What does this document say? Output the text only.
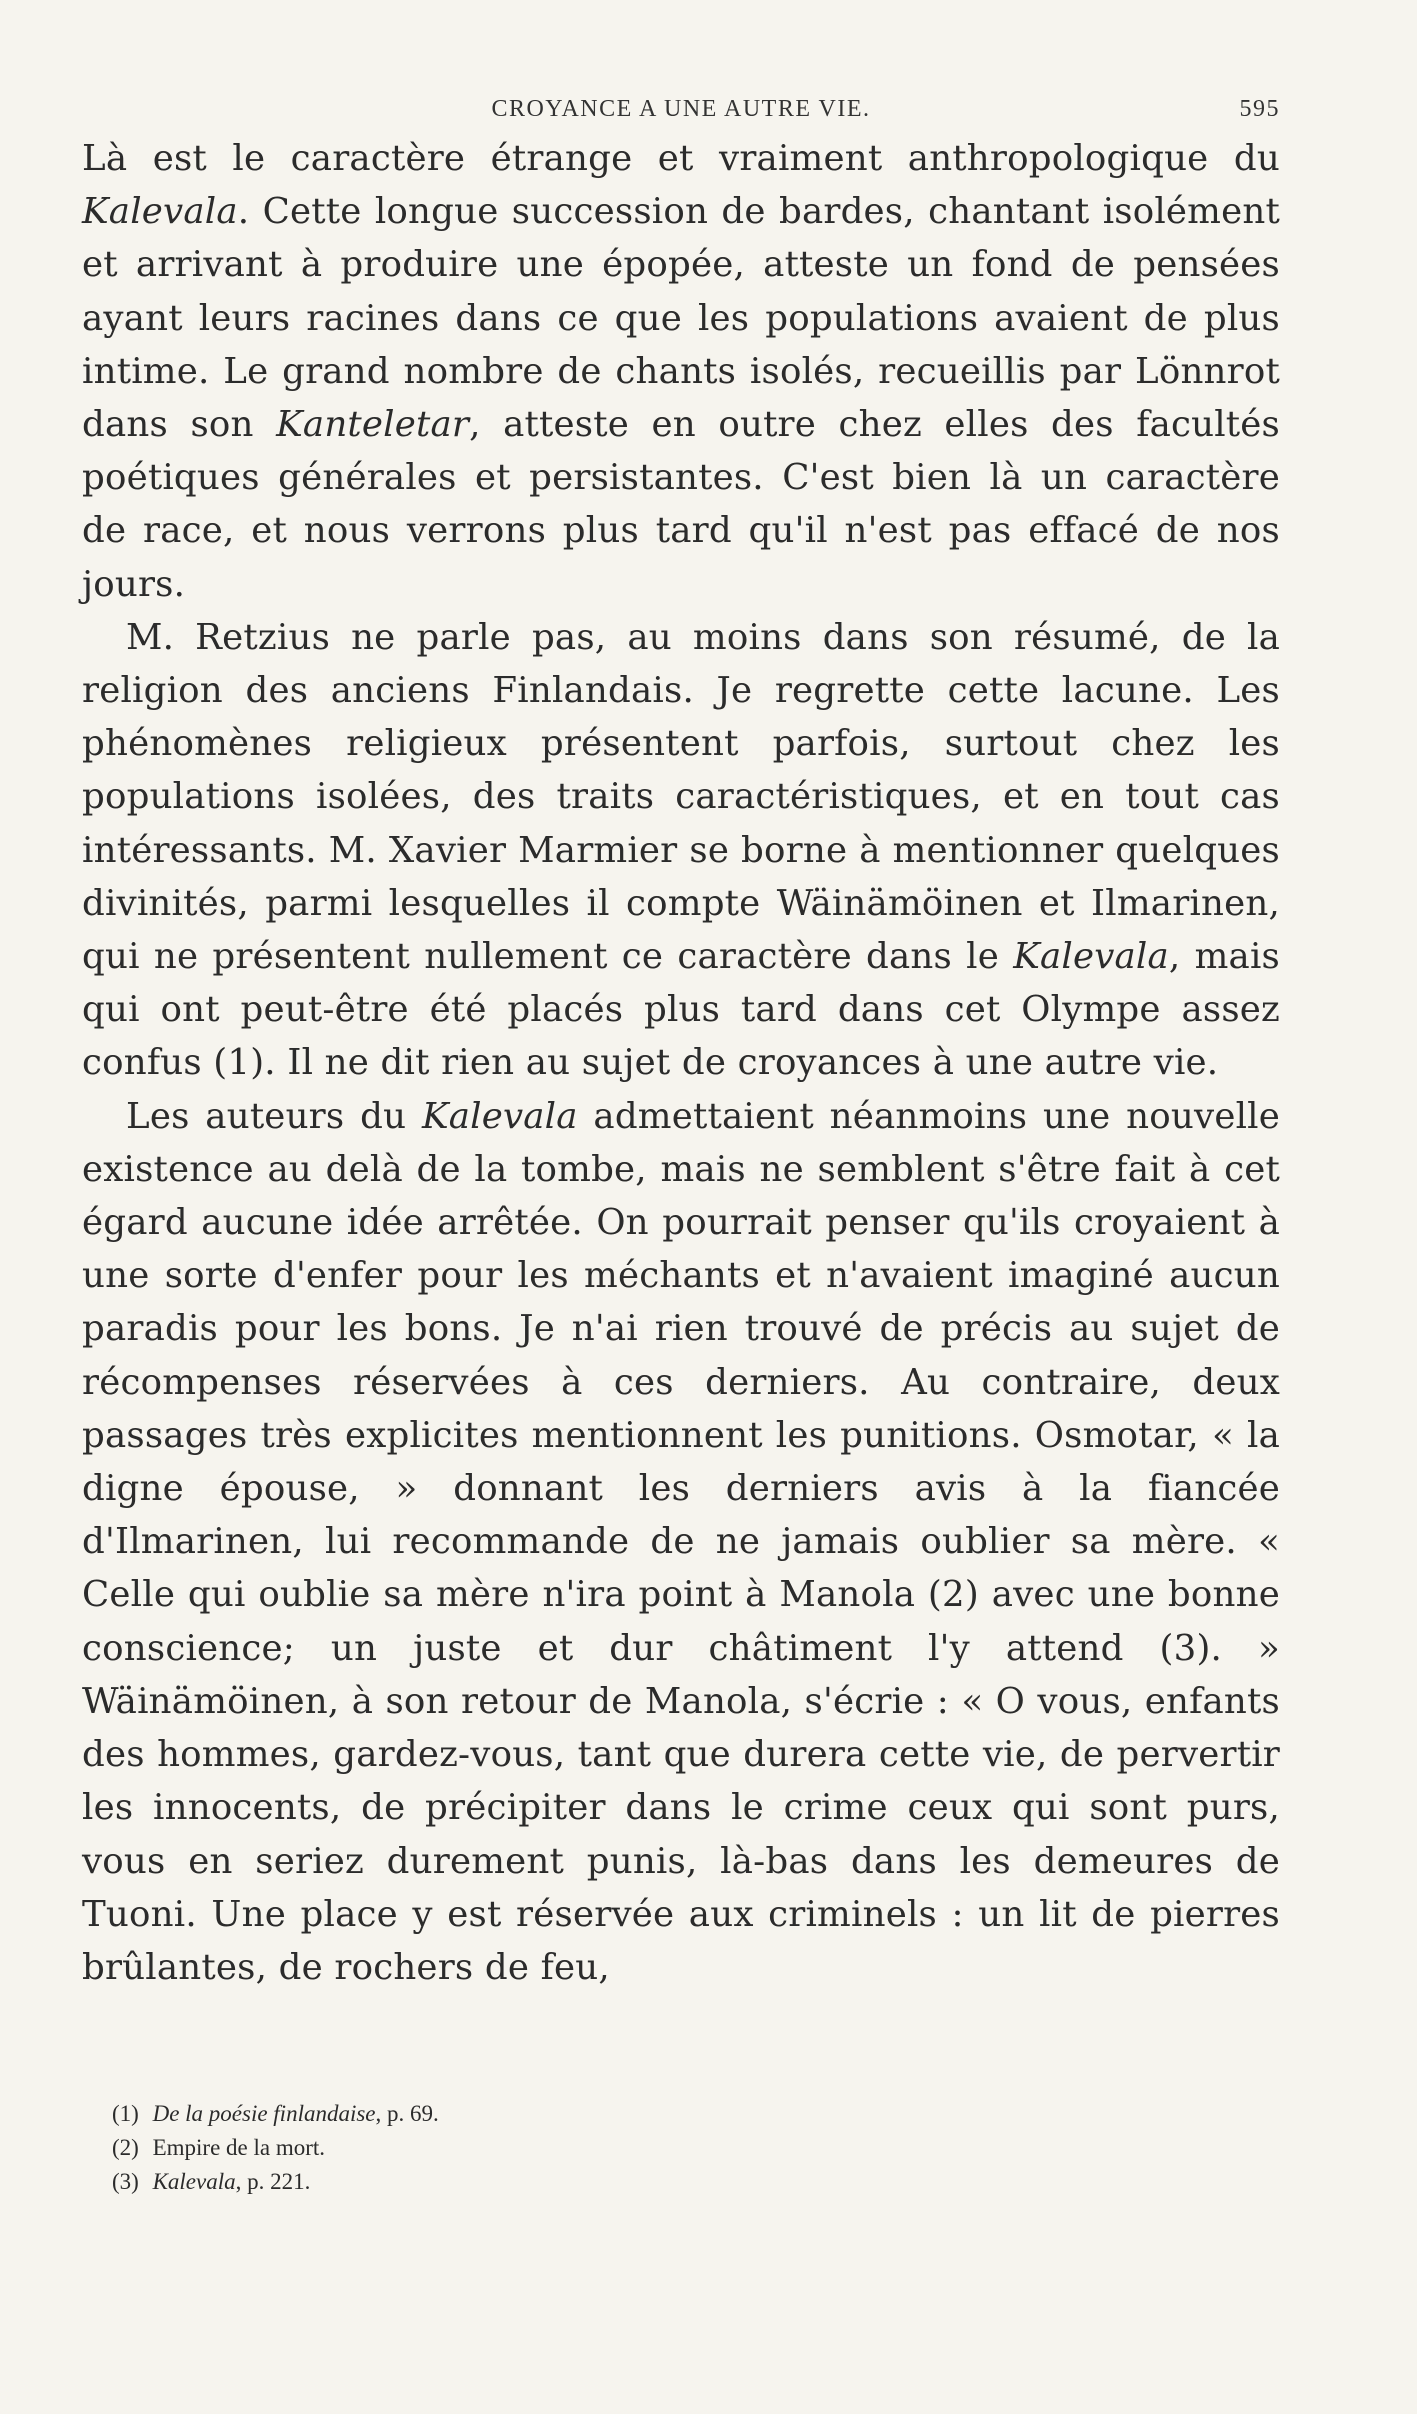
CROYANCE A UNE AUTRE VIE.	595

Là est le caractère étrange et vraiment anthropologique du Kalevala. Cette longue succession de bardes, chantant isolément et arrivant à produire une épopée, atteste un fond de pensées ayant leurs racines dans ce que les populations avaient de plus intime. Le grand nombre de chants isolés, recueillis par Lönnrot dans son Kanteletar, atteste en outre chez elles des facultés poétiques générales et persistantes. C'est bien là un caractère de race, et nous verrons plus tard qu'il n'est pas effacé de nos jours.

M. Retzius ne parle pas, au moins dans son résumé, de la religion des anciens Finlandais. Je regrette cette lacune. Les phénomènes religieux présentent parfois, surtout chez les populations isolées, des traits caractéristiques, et en tout cas intéressants. M. Xavier Marmier se borne à mentionner quelques divinités, parmi lesquelles il compte Wäinämöinen et Ilmarinen, qui ne présentent nullement ce caractère dans le Kalevala, mais qui ont peut-être été placés plus tard dans cet Olympe assez confus (1). Il ne dit rien au sujet de croyances à une autre vie.

Les auteurs du Kalevala admettaient néanmoins une nouvelle existence au delà de la tombe, mais ne semblent s'être fait à cet égard aucune idée arrêtée. On pourrait penser qu'ils croyaient à une sorte d'enfer pour les méchants et n'avaient imaginé aucun paradis pour les bons. Je n'ai rien trouvé de précis au sujet de récompenses réservées à ces derniers. Au contraire, deux passages très explicites mentionnent les punitions. Osmotar, « la digne épouse, » donnant les derniers avis à la fiancée d'Ilmarinen, lui recommande de ne jamais oublier sa mère. « Celle qui oublie sa mère n'ira point à Manola (2) avec une bonne conscience; un juste et dur châtiment l'y attend (3). » Wäinämöinen, à son retour de Manola, s'écrie : « O vous, enfants des hommes, gardez-vous, tant que durera cette vie, de pervertir les innocents, de précipiter dans le crime ceux qui sont purs, vous en seriez durement punis, là-bas dans les demeures de Tuoni. Une place y est réservée aux criminels : un lit de pierres brûlantes, de rochers de feu,

(1) De la poésie finlandaise, p. 69.
(2) Empire de la mort.
(3) Kalevala, p. 221.
